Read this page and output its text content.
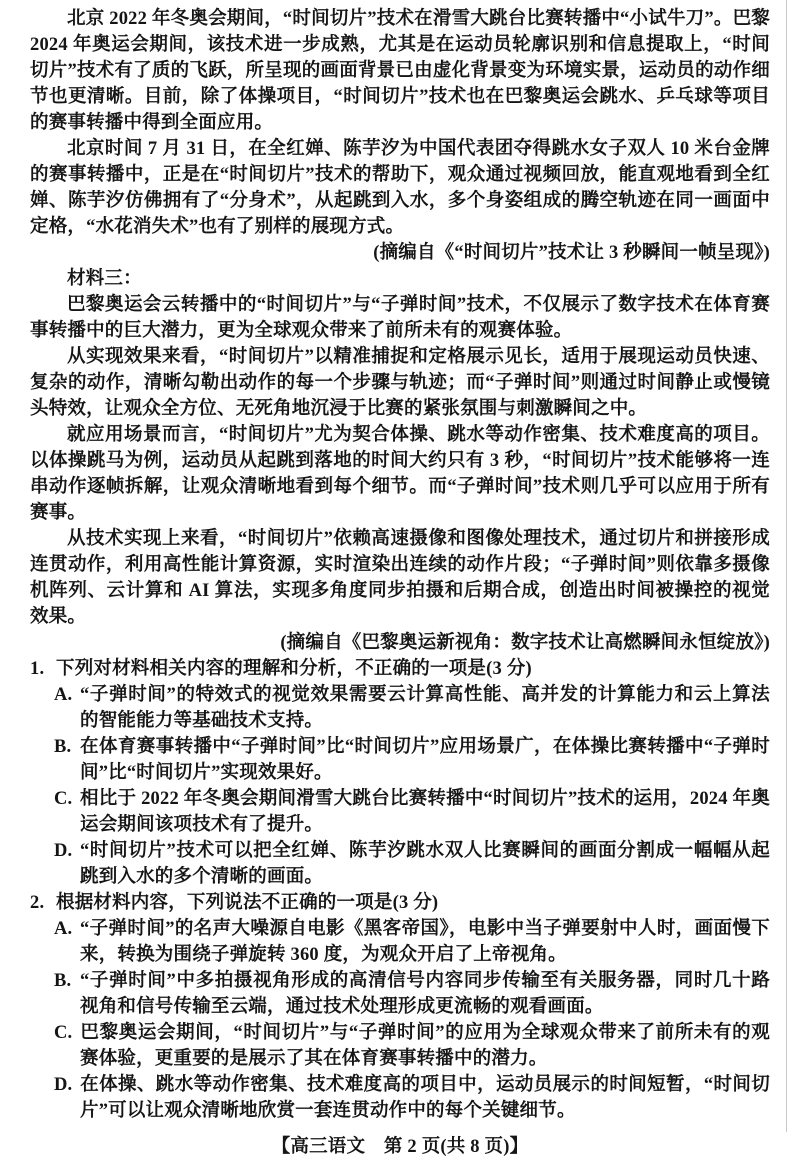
北京 2022 年冬奥会期间，“时间切片”技术在滑雪大跳台比赛转播中“小试牛刀”。巴黎 2024 年奥运会期间，该技术进一步成熟，尤其是在运动员轮廓识别和信息提取上，“时间切片”技术有了质的飞跃，所呈现的画面背景已由虚化背景变为环境实景，运动员的动作细节也更清晰。目前，除了体操项目，“时间切片”技术也在巴黎奥运会跳水、乒乓球等项目的赛事转播中得到全面应用。
北京时间 7 月 31 日，在全红婵、陈芋汐为中国代表团夺得跳水女子双人 10 米台金牌的赛事转播中，正是在“时间切片”技术的帮助下，观众通过视频回放，能直观地看到全红婵、陈芋汐仿佛拥有了“分身术”，从起跳到入水，多个身姿组成的腾空轨迹在同一画面中定格，“水花消失术”也有了别样的展现方式。
(摘编自《“时间切片”技术让 3 秒瞬间一帧呈现》)
材料三：
巴黎奥运会云转播中的“时间切片”与“子弹时间”技术，不仅展示了数字技术在体育赛事转播中的巨大潜力，更为全球观众带来了前所未有的观赛体验。
从实现效果来看，“时间切片”以精准捕捉和定格展示见长，适用于展现运动员快速、复杂的动作，清晰勾勒出动作的每一个步骤与轨迹；而“子弹时间”则通过时间静止或慢镜头特效，让观众全方位、无死角地沉浸于比赛的紧张氛围与刺激瞬间之中。
就应用场景而言，“时间切片”尤为契合体操、跳水等动作密集、技术难度高的项目。以体操跳马为例，运动员从起跳到落地的时间大约只有 3 秒，“时间切片”技术能够将一连串动作逐帧拆解，让观众清晰地看到每个细节。而“子弹时间”技术则几乎可以应用于所有赛事。
从技术实现上来看，“时间切片”依赖高速摄像和图像处理技术，通过切片和拼接形成连贯动作，利用高性能计算资源，实时渲染出连续的动作片段；“子弹时间”则依靠多摄像机阵列、云计算和 AI 算法，实现多角度同步拍摄和后期合成，创造出时间被操控的视觉效果。
(摘编自《巴黎奥运新视角：数字技术让高燃瞬间永恒绽放》)
1. 下列对材料相关内容的理解和分析，不正确的一项是(3 分)
A. “子弹时间”的特效式的视觉效果需要云计算高性能、高并发的计算能力和云上算法的智能能力等基础技术支持。
B. 在体育赛事转播中“子弹时间”比“时间切片”应用场景广，在体操比赛转播中“子弹时间”比“时间切片”实现效果好。
C. 相比于 2022 年冬奥会期间滑雪大跳台比赛转播中“时间切片”技术的运用，2024 年奥运会期间该项技术有了提升。
D. “时间切片”技术可以把全红婵、陈芋汐跳水双人比赛瞬间的画面分割成一幅幅从起跳到入水的多个清晰的画面。
2. 根据材料内容，下列说法不正确的一项是(3 分)
A. “子弹时间”的名声大噪源自电影《黑客帝国》，电影中当子弹要射中人时，画面慢下来，转换为围绕子弹旋转 360 度，为观众开启了上帝视角。
B. “子弹时间”中多拍摄视角形成的高清信号内容同步传输至有关服务器，同时几十路视角和信号传输至云端，通过技术处理形成更流畅的观看画面。
C. 巴黎奥运会期间，“时间切片”与“子弹时间”的应用为全球观众带来了前所未有的观赛体验，更重要的是展示了其在体育赛事转播中的潜力。
D. 在体操、跳水等动作密集、技术难度高的项目中，运动员展示的时间短暂，“时间切片”可以让观众清晰地欣赏一套连贯动作中的每个关键细节。
【高三语文　第 2 页(共 8 页)】
